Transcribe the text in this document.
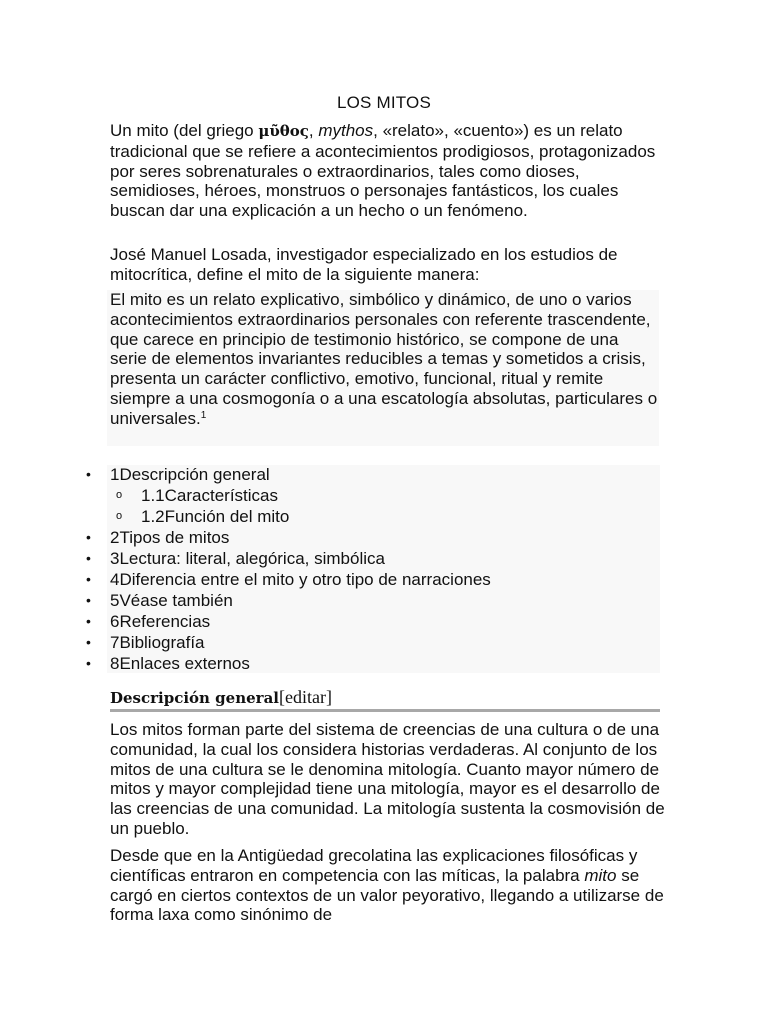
LOS MITOS
Un mito (del griego μῦθος, mythos, «relato», «cuento») es un relato tradicional que se refiere a acontecimientos prodigiosos, protagonizados por seres sobrenaturales o extraordinarios, tales como dioses, semidioses, héroes, monstruos o personajes fantásticos, los cuales buscan dar una explicación a un hecho o un fenómeno.
José Manuel Losada, investigador especializado en los estudios de mitocrítica, define el mito de la siguiente manera:
El mito es un relato explicativo, simbólico y dinámico, de uno o varios acontecimientos extraordinarios personales con referente trascendente, que carece en principio de testimonio histórico, se compone de una serie de elementos invariantes reducibles a temas y sometidos a crisis, presenta un carácter conflictivo, emotivo, funcional, ritual y remite siempre a una cosmogonía o a una escatología absolutas, particulares o universales.$^1$
• 1Descripción general
o 1.1Características
o 1.2Función del mito
• 2Tipos de mitos
• 3Lectura: literal, alegórica, simbólica
• 4Diferencia entre el mito y otro tipo de narraciones
• 5Véase también
• 6Referencias
• 7Bibliografía
• 8Enlaces externos
Descripción general[editar]
Los mitos forman parte del sistema de creencias de una cultura o de una comunidad, la cual los considera historias verdaderas. Al conjunto de los mitos de una cultura se le denomina mitología. Cuanto mayor número de mitos y mayor complejidad tiene una mitología, mayor es el desarrollo de las creencias de una comunidad. La mitología sustenta la cosmovisión de un pueblo.
Desde que en la Antigüedad grecolatina las explicaciones filosóficas y científicas entraron en competencia con las míticas, la palabra mito se cargó en ciertos contextos de un valor peyorativo, llegando a utilizarse de forma laxa como sinónimo de
